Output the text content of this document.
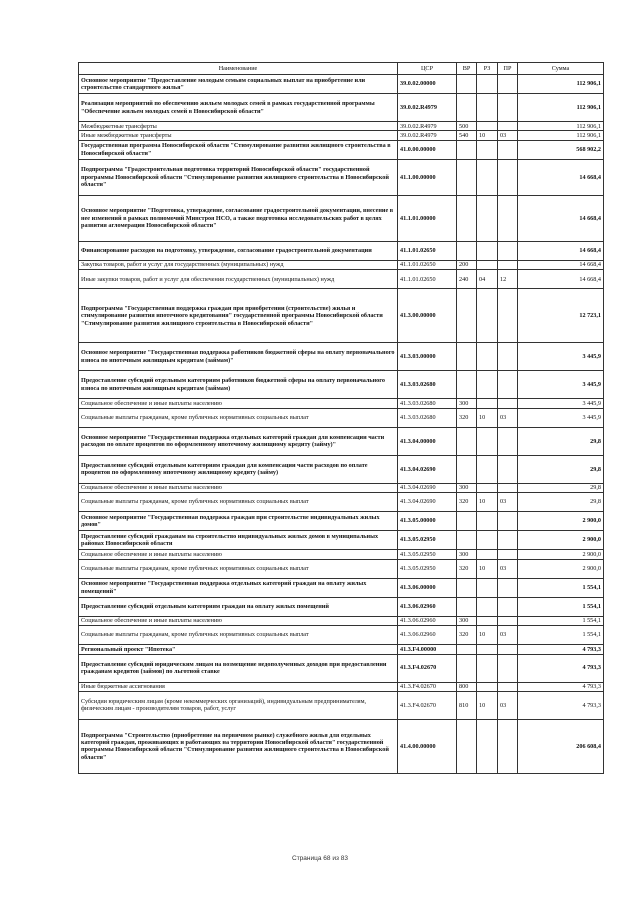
Наименование	ЦСР	ВР	РЗ	ПР	Сумма
Основное мероприятие "Предоставление молодым семьям социальных выплат на приобретение или строительство стандартного жилья"	39.0.02.00000				112 906,1
Реализация мероприятий по обеспечению жильем молодых семей в рамках государственной программы "Обеспечение жильем молодых семей в Новосибирской области"	39.0.02.R4979				112 906,1
Межбюджетные трансферты	39.0.02.R4979	500			112 906,1
Иные межбюджетные трансферты	39.0.02.R4979	540	10	03	112 906,1
Государственная программа Новосибирской области "Стимулирование развития жилищного строительства в Новосибирской области"	41.0.00.00000				568 902,2
Подпрограмма "Градостроительная подготовка территорий Новосибирской области" государственной программы Новосибирской области "Стимулирование развития жилищного строительства в Новосибирской области"	41.1.00.00000				14 668,4
Основное мероприятие "Подготовка, утверждение, согласование градостроительной документации, внесение в нее изменений в рамках полномочий Минстроя НСО, а также подготовка исследовательских работ в целях развития агломерации Новосибирской области"	41.1.01.00000				14 668,4
Финансирование расходов на подготовку, утверждение, согласование градостроительной документации	41.1.01.02650				14 668,4
Закупка товаров, работ и услуг для государственных (муниципальных) нужд	41.1.01.02650	200			14 668,4
Иные закупки товаров, работ и услуг для обеспечения государственных (муниципальных) нужд	41.1.01.02650	240	04	12	14 668,4
Подпрограмма "Государственная поддержка граждан при приобретении (строительстве) жилья и стимулирование развития ипотечного кредитования" государственной программы Новосибирской области "Стимулирование развития жилищного строительства в Новосибирской области"	41.3.00.00000				12 723,1
Основное мероприятие "Государственная поддержка работников бюджетной сферы на оплату первоначального взноса по ипотечным жилищным кредитам (займам)"	41.3.03.00000				3 445,9
Предоставление субсидий отдельным категориям работников бюджетной сферы на оплату первоначального взноса по ипотечным жилищным кредитам (займам)	41.3.03.02680				3 445,9
Социальное обеспечение и иные выплаты населению	41.3.03.02680	300			3 445,9
Социальные выплаты гражданам, кроме публичных нормативных социальных выплат	41.3.03.02680	320	10	03	3 445,9
Основное мероприятие "Государственная поддержка отдельных категорий граждан для компенсации части расходов по оплате процентов по оформленному ипотечному жилищному кредиту (займу)"	41.3.04.00000				29,8
Предоставление субсидий отдельным категориям граждан для компенсации части расходов по оплате процентов по оформленному ипотечному жилищному кредиту (займу)	41.3.04.02690				29,8
Социальное обеспечение и иные выплаты населению	41.3.04.02690	300			29,8
Социальные выплаты гражданам, кроме публичных нормативных социальных выплат	41.3.04.02690	320	10	03	29,8
Основное мероприятие "Государственная поддержка граждан при строительстве индивидуальных жилых домов"	41.3.05.00000				2 900,0
Предоставление субсидий гражданам на строительство индивидуальных жилых домов в муниципальных районах Новосибирской области	41.3.05.02950				2 900,0
Социальное обеспечение и иные выплаты населению	41.3.05.02950	300			2 900,0
Социальные выплаты гражданам, кроме публичных нормативных социальных выплат	41.3.05.02950	320	10	03	2 900,0
Основное мероприятие "Государственная поддержка отдельных категорий граждан на оплату жилых помещений"	41.3.06.00000				1 554,1
Предоставление субсидий отдельным категориям граждан на оплату жилых помещений	41.3.06.02960				1 554,1
Социальное обеспечение и иные выплаты населению	41.3.06.02960	300			1 554,1
Социальные выплаты гражданам, кроме публичных нормативных социальных выплат	41.3.06.02960	320	10	03	1 554,1
Региональный проект "Ипотека"	41.3.F4.00000				4 793,3
Предоставление субсидий юридическим лицам на возмещение недополученных доходов при предоставлении гражданам кредитов (займов) по льготной ставке	41.3.F4.02670				4 793,3
Иные бюджетные ассигнования	41.3.F4.02670	800			4 793,3
Субсидии юридическим лицам (кроме некоммерческих организаций), индивидуальным предпринимателям, физическим лицам - производителям товаров, работ, услуг	41.3.F4.02670	810	10	03	4 793,3
Подпрограмма "Строительство (приобретение на первичном рынке) служебного жилья для отдельных категорий граждан, проживающих и работающих на территории Новосибирской области" государственной программы Новосибирской области "Стимулирование развития жилищного строительства в Новосибирской области"	41.4.00.00000				206 608,4
Страница 68 из 83
